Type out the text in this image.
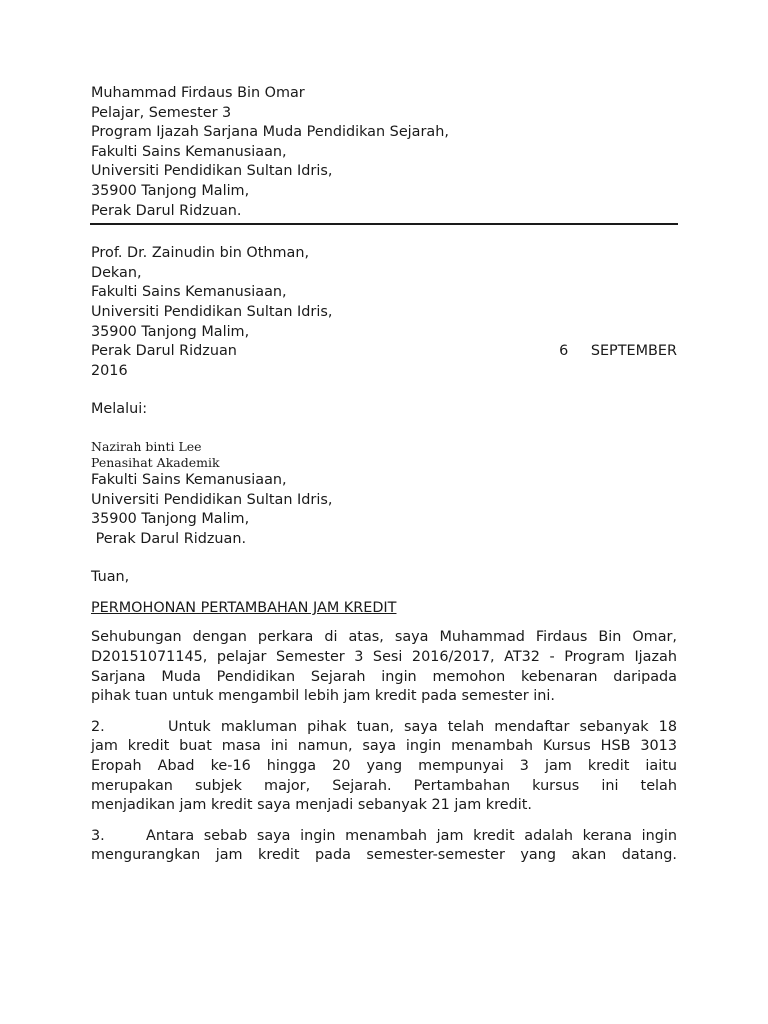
Muhammad Firdaus Bin Omar
Pelajar, Semester 3
Program Ijazah Sarjana Muda Pendidikan Sejarah,
Fakulti Sains Kemanusiaan,
Universiti Pendidikan Sultan Idris,
35900 Tanjong Malim,
Perak Darul Ridzuan.
Prof. Dr. Zainudin bin Othman,
Dekan,
Fakulti Sains Kemanusiaan,
Universiti Pendidikan Sultan Idris,
35900 Tanjong Malim,
Perak Darul Ridzuan	6 SEPTEMBER
2016
Melalui:
Nazirah binti Lee
Penasihat Akademik
Fakulti Sains Kemanusiaan,
Universiti Pendidikan Sultan Idris,
35900 Tanjong Malim,
Perak Darul Ridzuan.
Tuan,
PERMOHONAN PERTAMBAHAN JAM KREDIT
Sehubungan dengan perkara di atas, saya Muhammad Firdaus Bin Omar,
D20151071145, pelajar Semester 3 Sesi 2016/2017, AT32 - Program Ijazah
Sarjana Muda Pendidikan Sejarah ingin memohon kebenaran daripada
pihak tuan untuk mengambil lebih jam kredit pada semester ini.
2.	Untuk makluman pihak tuan, saya telah mendaftar sebanyak 18
jam kredit buat masa ini namun, saya ingin menambah Kursus HSB 3013
Eropah Abad ke-16 hingga 20 yang mempunyai 3 jam kredit iaitu
merupakan subjek major, Sejarah. Pertambahan kursus ini telah
menjadikan jam kredit saya menjadi sebanyak 21 jam kredit.
3.	Antara sebab saya ingin menambah jam kredit adalah kerana ingin
mengurangkan jam kredit pada semester-semester yang akan datang.
